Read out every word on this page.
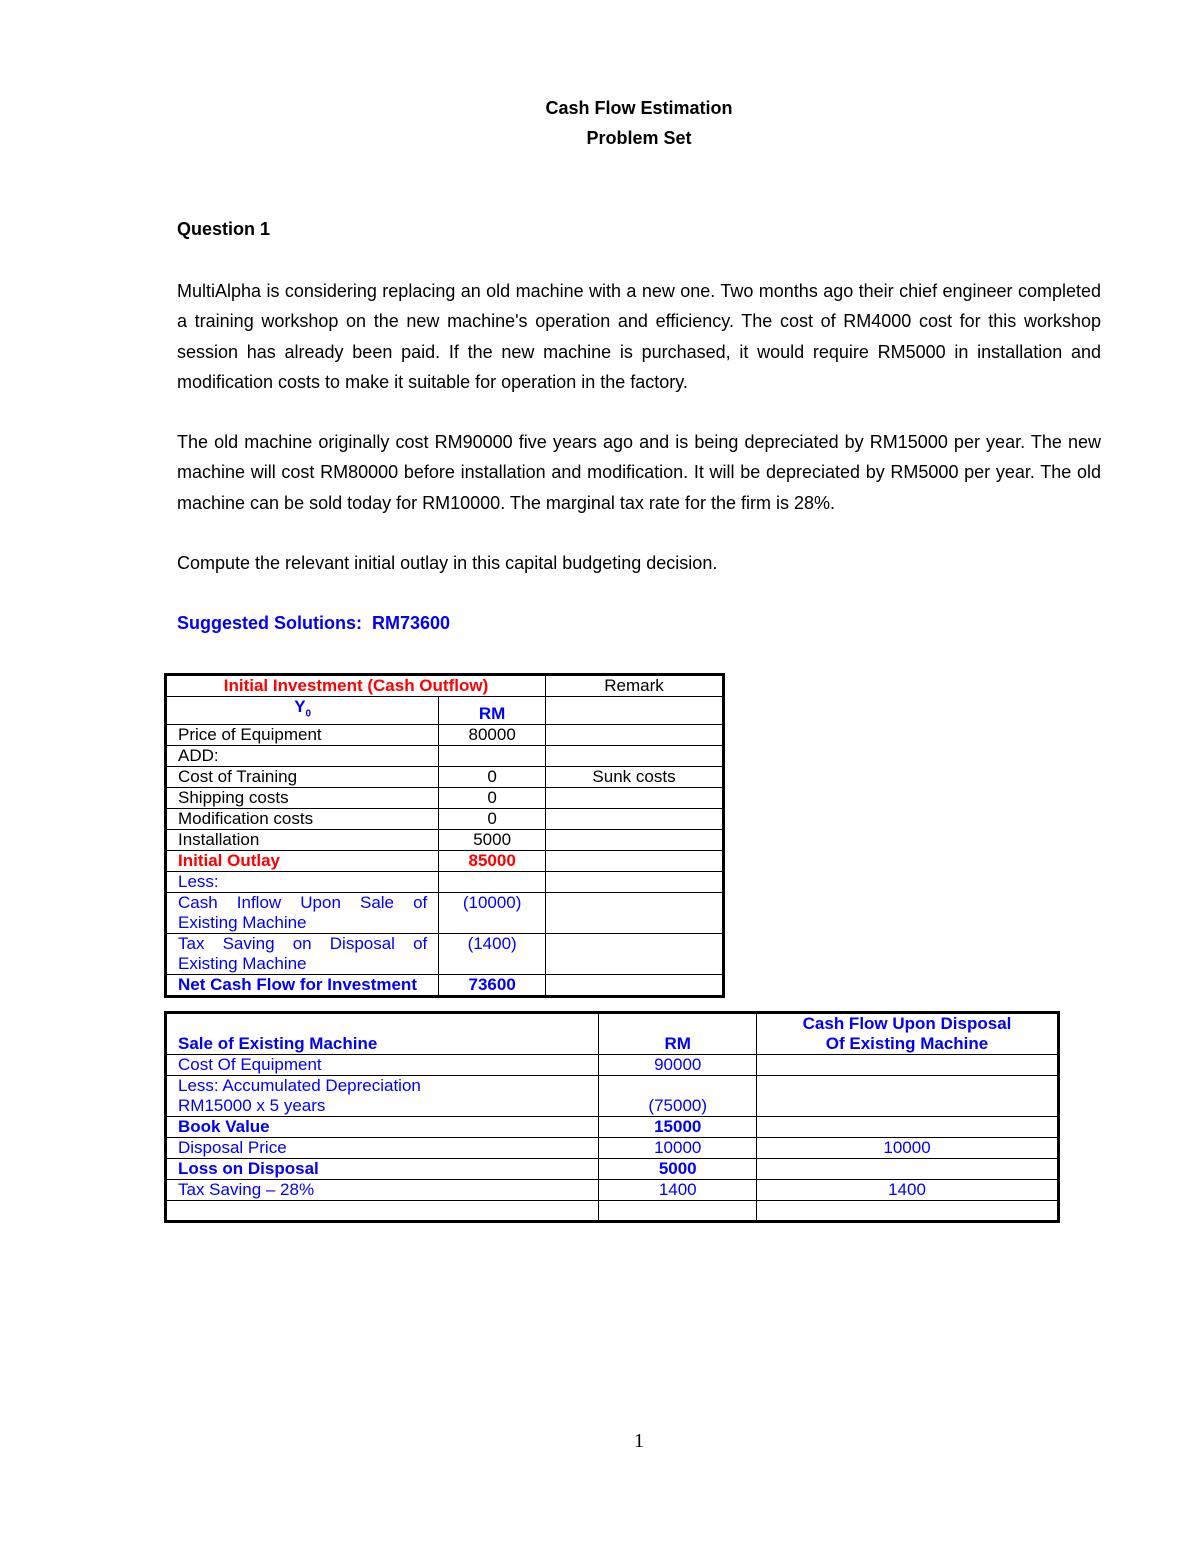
Cash Flow Estimation
Problem Set
Question 1

MultiAlpha is considering replacing an old machine with a new one. Two months ago their chief engineer completed a training workshop on the new machine's operation and efficiency. The cost of RM4000 cost for this workshop session has already been paid. If the new machine is purchased, it would require RM5000 in installation and modification costs to make it suitable for operation in the factory.

The old machine originally cost RM90000 five years ago and is being depreciated by RM15000 per year. The new machine will cost RM80000 before installation and modification. It will be depreciated by RM5000 per year. The old machine can be sold today for RM10000. The marginal tax rate for the firm is 28%.

Compute the relevant initial outlay in this capital budgeting decision.

Suggested Solutions: RM73600
Initial Investment (Cash Outflow)		Remark
$Y_0$	RM	
Price of Equipment	80000	
ADD:		
Cost of Training	0	Sunk costs
Shipping costs	0	
Modification costs	0	
Installation	5000	
Initial Outlay	85000	
Less:		
Cash Inflow Upon Sale of Existing Machine	(10000)	
Tax Saving on Disposal of Existing Machine	(1400)	
Net Cash Flow for Investment	73600	
Sale of Existing Machine	RM	Cash Flow Upon Disposal
Of Existing Machine

Cost Of Equipment	90000	

Less: Accumulated Depreciation
RM15000 x 5 years	(75000)	
Book Value	15000	
Disposal Price	10000	10000
Loss on Disposal	5000	
Tax Saving – 28%	1400	1400

1
